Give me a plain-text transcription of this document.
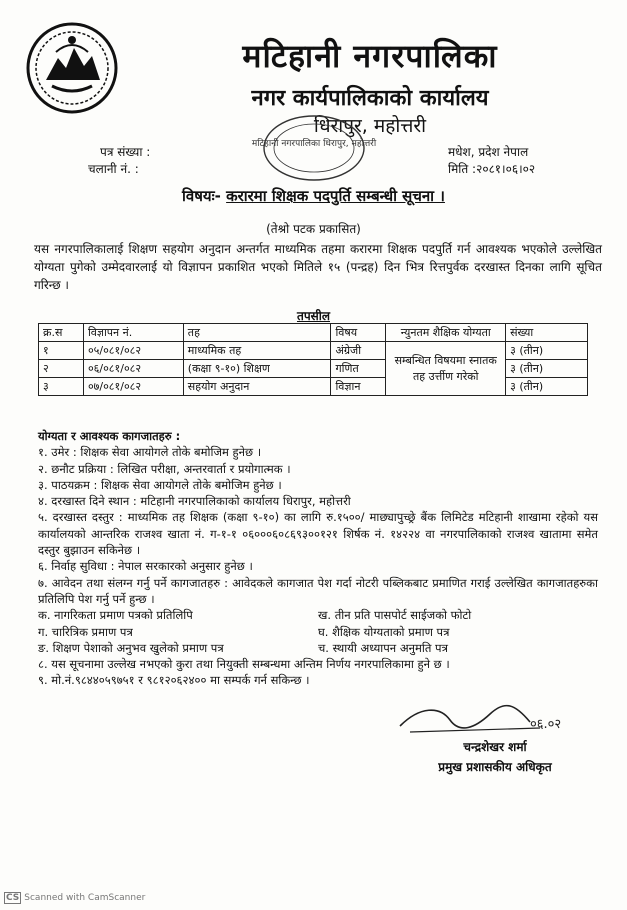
मटिहानी नगरपालिका
नगर कार्यपालिकाको कार्यालय
धिरापुर, महोत्तरी
मटिहानी नगरपालिका धिरापुर, महोत्तरी
पत्र संख्या :
चलानी नं. :
मधेश, प्रदेश नेपाल
मिति :२०८१।०६।०२
विषयः- करारमा शिक्षक पदपुर्ति सम्बन्धी सूचना ।
(तेश्रो पटक प्रकासित)
यस नगरपालिकालाई शिक्षण सहयोग अनुदान अन्तर्गत माध्यमिक तहमा करारमा शिक्षक पदपुर्ति गर्न आवश्यक भएकोले उल्लेखित योग्यता पुगेको उम्मेदवारलाई यो विज्ञापन प्रकाशित भएको मितिले १५ (पन्द्रह) दिन भित्र रित्तपुर्वक दरखास्त दिनका लागि सूचित गरिन्छ ।
तपसील
क्र.स	विज्ञापन नं.	तह	विषय	न्युनतम शैक्षिक योग्यता	संख्या
१	०५/०८१/०८२	माध्यमिक तह	अंग्रेजी	सम्बन्धित विषयमा स्नातक तह उर्त्तीण गरेको	३ (तीन)
२	०६/०८१/०८२	(कक्षा ९-१०) शिक्षण	गणित		३ (तीन)
३	०७/०८१/०८२	सहयोग अनुदान	विज्ञान		३ (तीन)
योग्यता र आवश्यक कागजातहरु :
१. उमेर : शिक्षक सेवा आयोगले तोके बमोजिम हुनेछ ।
२. छनौट प्रक्रिया : लिखित परीक्षा, अन्तरवार्ता र प्रयोगात्मक ।
३. पाठयक्रम : शिक्षक सेवा आयोगले तोके बमोजिम हुनेछ ।
४. दरखास्त दिने स्थान : मटिहानी नगरपालिकाको कार्यालय धिरापुर, महोत्तरी
५. दरखास्त दस्तुर : माध्यमिक तह शिक्षक (कक्षा ९-१०) का लागि रु.१५००/ माछ्यापुच्छ्रे बैंक लिमिटेड मटिहानी शाखामा रहेको यस कार्यालयको आन्तरिक राजश्व खाता नं. ग-१-१ ०६०००६०८६९३००१२१ शिर्षक नं. १४२२४ वा नगरपालिकाको राजश्व खातामा समेत दस्तुर बुझाउन सकिनेछ ।
६. निर्वाह सुविधा : नेपाल सरकारको अनुसार हुनेछ ।
७. आवेदन तथा संलग्न गर्नु पर्ने कागजातहरु : आवेदकले कागजात पेश गर्दा नोटरी पब्लिकबाट प्रमाणित गराई उल्लेखित कागजातहरुका प्रतिलिपि पेश गर्नु पर्ने हुन्छ ।
क. नागरिकता प्रमाण पत्रको प्रतिलिपि	ख. तीन प्रति पासपोर्ट साईजको फोटो
ग. चारित्रिक प्रमाण पत्र	घ. शैक्षिक योग्यताको प्रमाण पत्र
ङ. शिक्षण पेशाको अनुभव खुलेको प्रमाण पत्र	च. स्थायी अध्यापन अनुमति पत्र
८. यस सूचनामा उल्लेख नभएको कुरा तथा नियुक्ती सम्बन्धमा अन्तिम निर्णय नगरपालिकामा हुने छ ।
९. मो.नं.९८४४०५९७५१ र ९८१२०६२४०० मा सम्पर्क गर्न सकिन्छ ।
०६.०२
चन्द्रशेखर शर्मा
प्रमुख प्रशासकीय अधिकृत
CS Scanned with CamScanner
